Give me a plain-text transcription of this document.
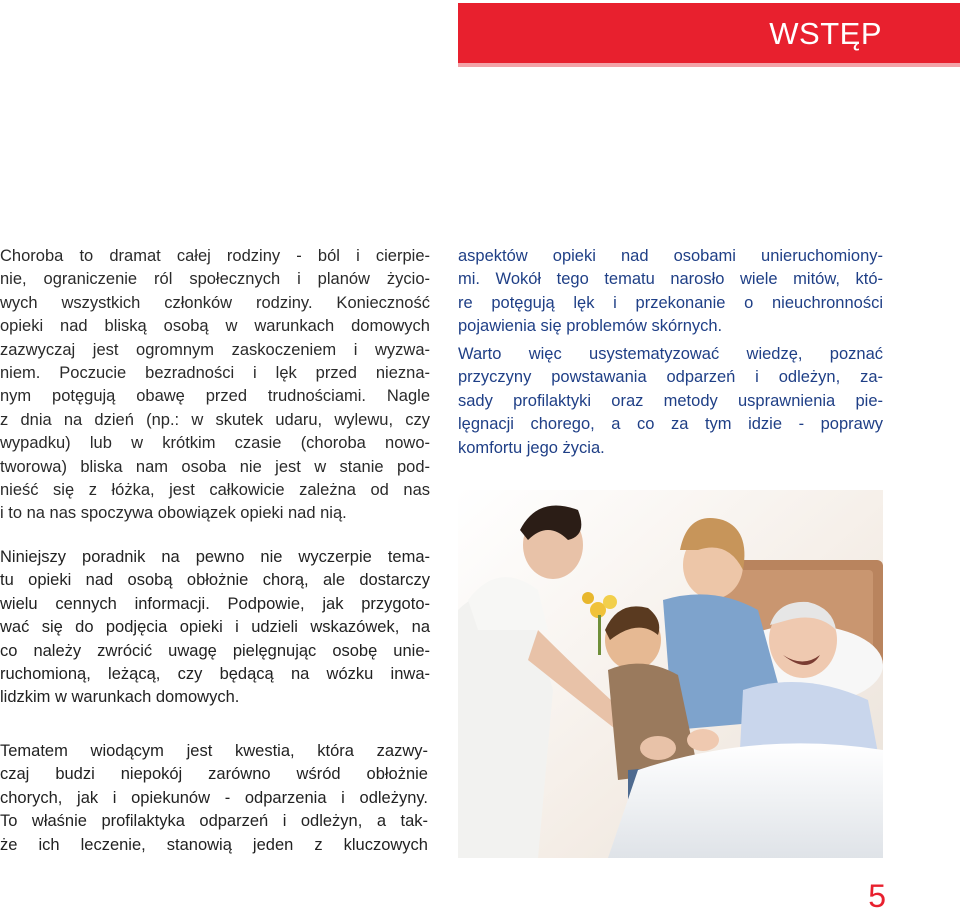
WSTĘP

Choroba to dramat całej rodziny - ból i cierpie-
nie, ograniczenie ról społecznych i planów życio-
wych wszystkich członków rodziny. Konieczność
opieki nad bliską osobą w warunkach domowych
zazwyczaj jest ogromnym zaskoczeniem i wyzwa-
niem. Poczucie bezradności i lęk przed niezna-
nym potęgują obawę przed trudnościami. Nagle
z dnia na dzień (np.: w skutek udaru, wylewu, czy
wypadku) lub w krótkim czasie (choroba nowo-
tworowa) bliska nam osoba nie jest w stanie pod-
nieść się z łóżka, jest całkowicie zależna od nas
i to na nas spoczywa obowiązek opieki nad nią.

Niniejszy poradnik na pewno nie wyczerpie tema-
tu opieki nad osobą obłożnie chorą, ale dostarczy
wielu cennych informacji. Podpowie, jak przygoto-
wać się do podjęcia opieki i udzieli wskazówek, na
co należy zwrócić uwagę pielęgnując osobę unie-
ruchomioną, leżącą, czy będącą na wózku inwa-
lidzkim w warunkach domowych.

Tematem wiodącym jest kwestia, która zazwy-
czaj budzi niepokój zarówno wśród obłożnie
chorych, jak i opiekunów - odparzenia i odleżyny.
To właśnie profilaktyka odparzeń i odleżyn, a tak-
że ich leczenie, stanowią jeden z kluczowych

aspektów opieki nad osobami unieruchomiony-
mi. Wokół tego tematu narosło wiele mitów, któ-
re potęgują lęk i przekonanie o nieuchronności
pojawienia się problemów skórnych.

Warto więc usystematyzować wiedzę, poznać
przyczyny powstawania odparzeń i odleżyn, za-
sady profilaktyki oraz metody usprawnienia pie-
lęgnacji chorego, a co za tym idzie - poprawy
komfortu jego życia.

5
